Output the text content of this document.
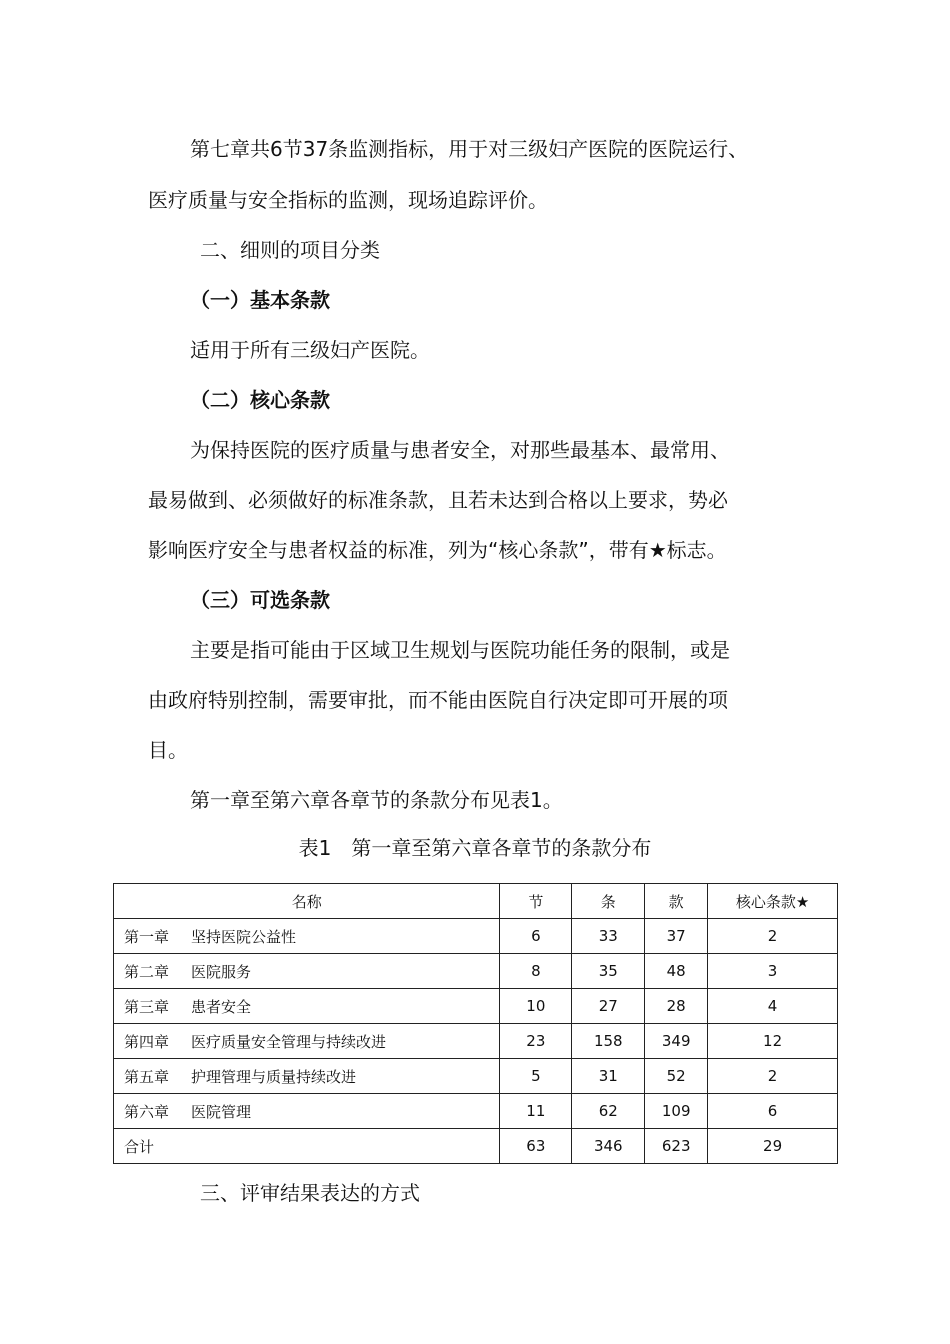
第七章共6节37条监测指标，用于对三级妇产医院的医院运行、
医疗质量与安全指标的监测，现场追踪评价。
二、细则的项目分类
（一）基本条款
适用于所有三级妇产医院。
（二）核心条款
为保持医院的医疗质量与患者安全，对那些最基本、最常用、
最易做到、必须做好的标准条款，且若未达到合格以上要求，势必
影响医疗安全与患者权益的标准，列为“核心条款”，带有★标志。
（三）可选条款
主要是指可能由于区域卫生规划与医院功能任务的限制，或是
由政府特别控制，需要审批，而不能由医院自行决定即可开展的项
目。
第一章至第六章各章节的条款分布见表1。
表1　第一章至第六章各章节的条款分布
名称	节	条	款	核心条款★
第一章 坚持医院公益性	6	33	37	2
第二章 医院服务	8	35	48	3
第三章 患者安全	10	27	28	4
第四章 医疗质量安全管理与持续改进	23	158	349	12
第五章 护理管理与质量持续改进	5	31	52	2
第六章 医院管理	11	62	109	6
合计	63	346	623	29
三、评审结果表达的方式
